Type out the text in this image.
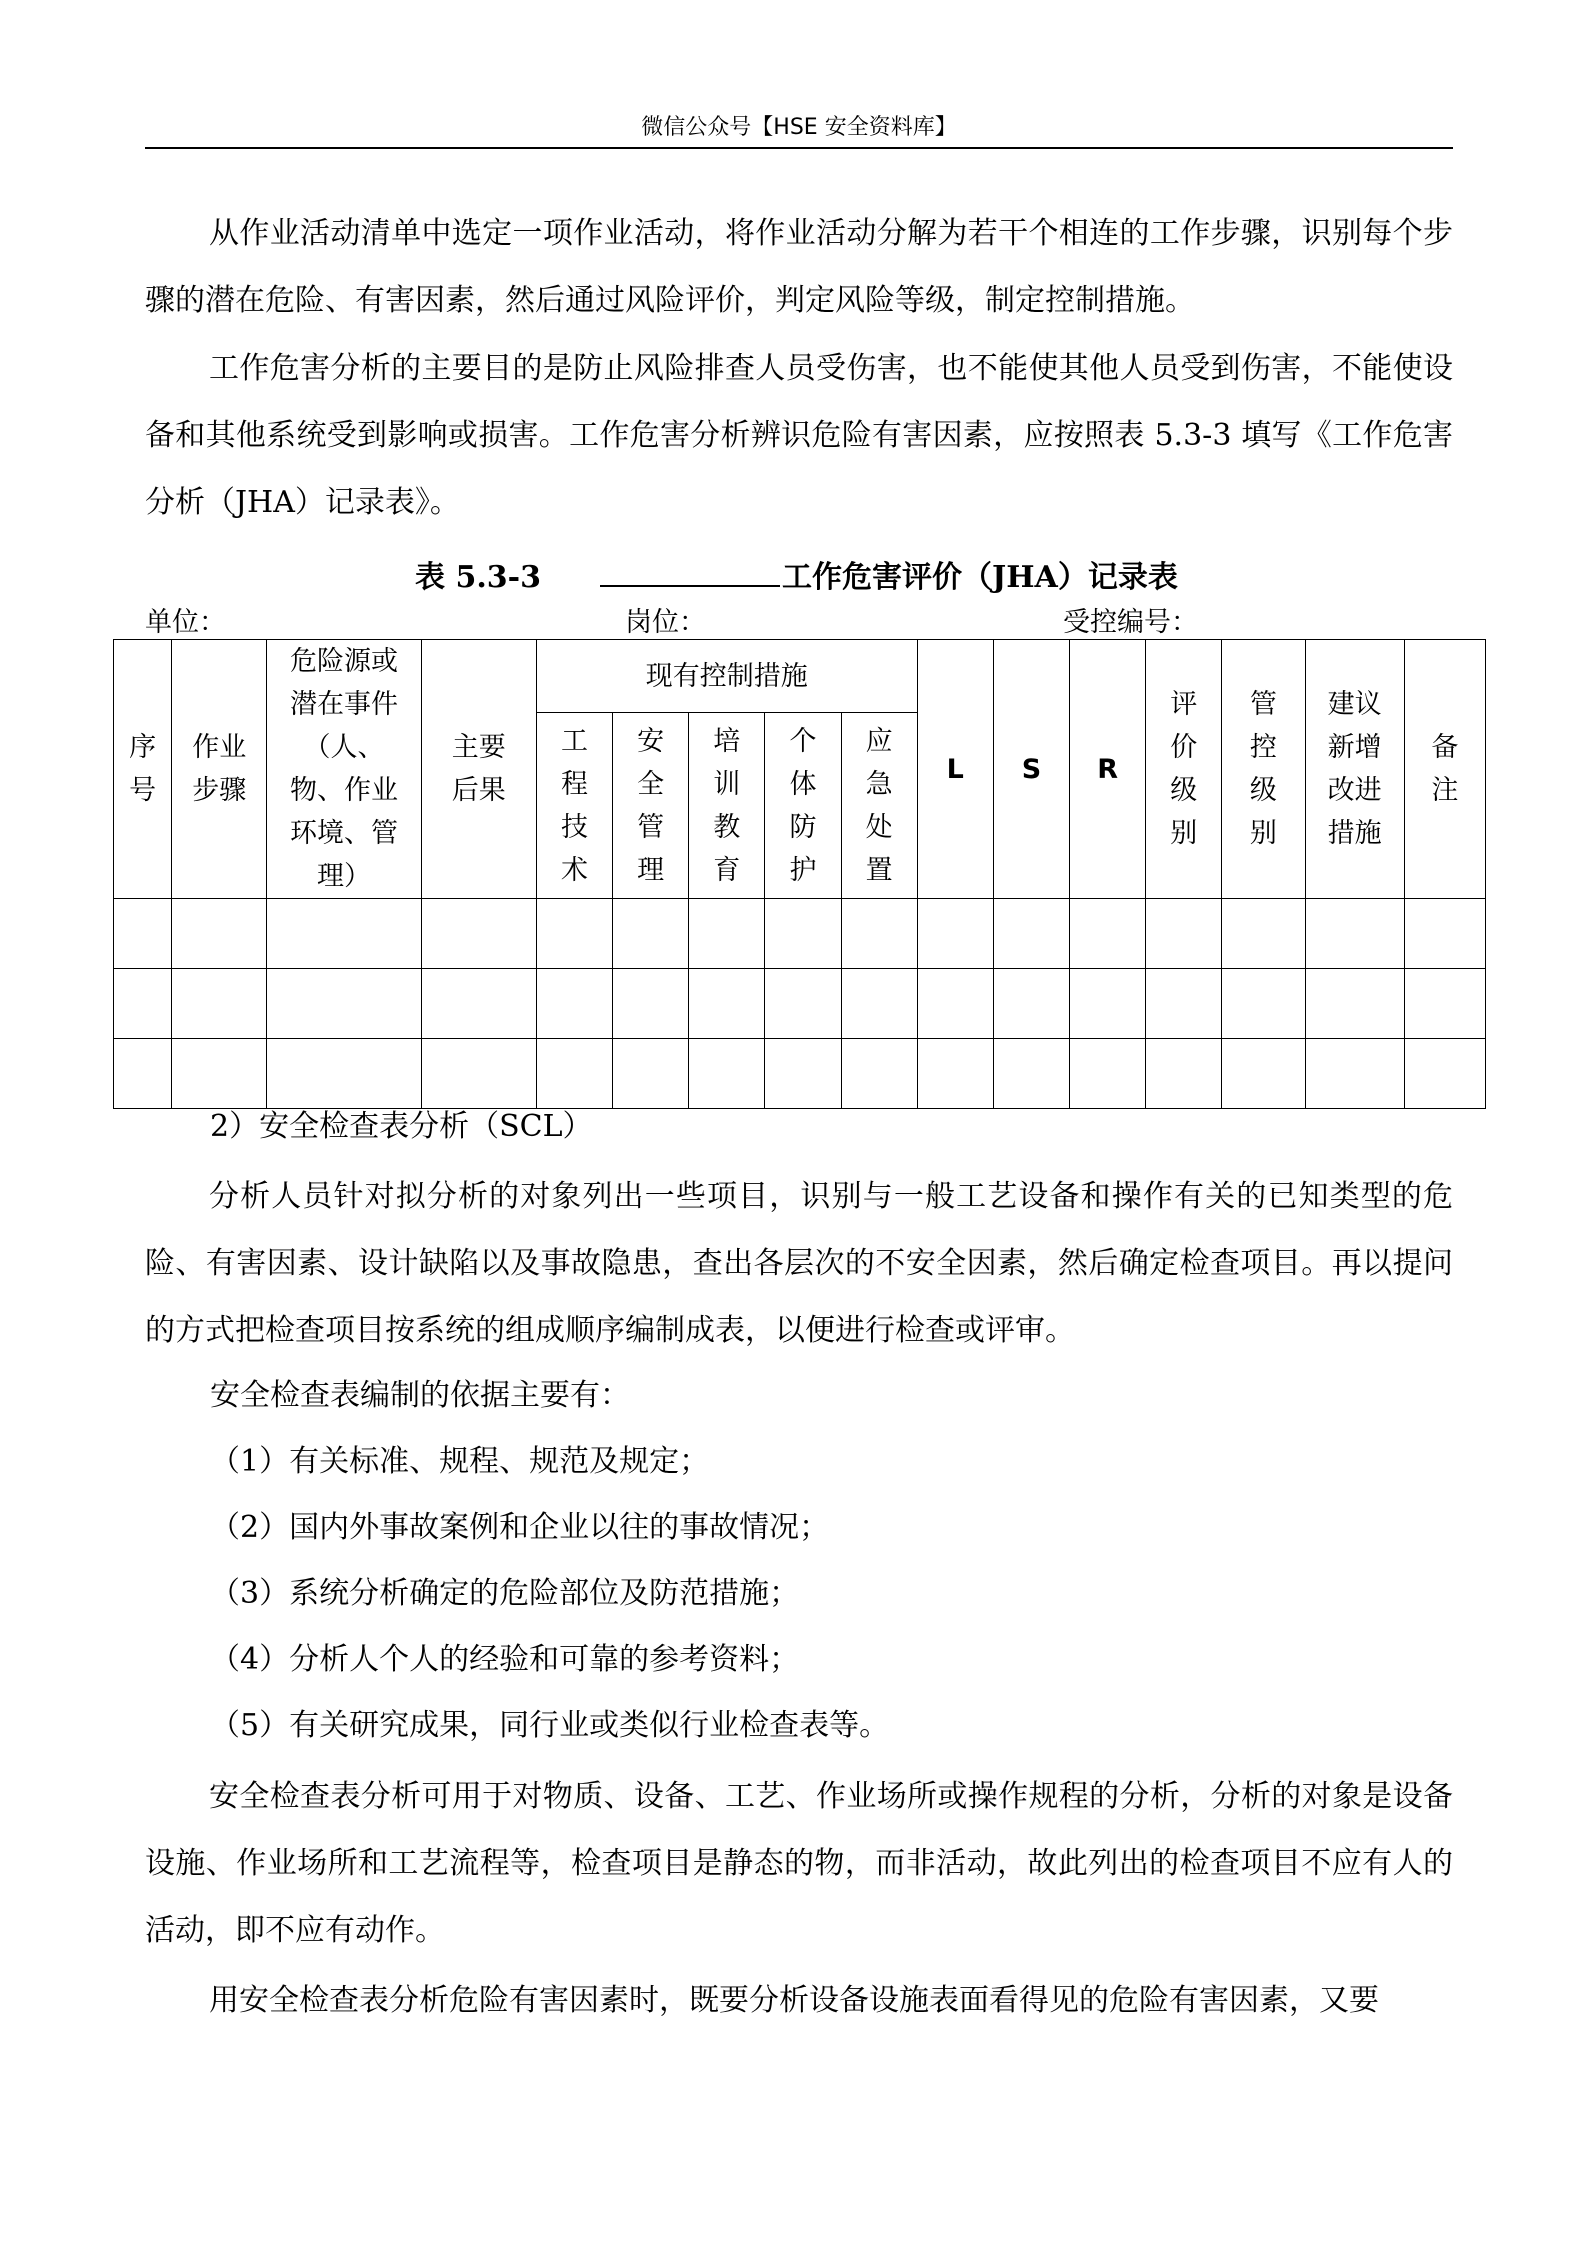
微信公众号【HSE 安全资料库】

从作业活动清单中选定一项作业活动，将作业活动分解为若干个相连的工作步骤，识别每个步骤的潜在危险、有害因素，然后通过风险评价，判定风险等级，制定控制措施。

工作危害分析的主要目的是防止风险排查人员受伤害，也不能使其他人员受到伤害，不能使设备和其他系统受到影响或损害。工作危害分析辨识危险有害因素，应按照表 5.3-3 填写《工作危害分析（JHA）记录表》。

表 5.3-3	工作危害评价（JHA）记录表
单位：	岗位：	受控编号：
序号	作业步骤	危险源或潜在事件（人、物、作业环境、管理）	主要后果	现有控制措施					L	S	R	评价级别	管控级别	建议新增改进措施	备注
				工程技术	安全管理	培训教育	个体防护	应急处置							

2）安全检查表分析（SCL）

分析人员针对拟分析的对象列出一些项目，识别与一般工艺设备和操作有关的已知类型的危险、有害因素、设计缺陷以及事故隐患，查出各层次的不安全因素，然后确定检查项目。再以提问的方式把检查项目按系统的组成顺序编制成表，以便进行检查或评审。

安全检查表编制的依据主要有：
（1）有关标准、规程、规范及规定；
（2）国内外事故案例和企业以往的事故情况；
（3）系统分析确定的危险部位及防范措施；
（4）分析人个人的经验和可靠的参考资料；
（5）有关研究成果，同行业或类似行业检查表等。

安全检查表分析可用于对物质、设备、工艺、作业场所或操作规程的分析，分析的对象是设备设施、作业场所和工艺流程等，检查项目是静态的物，而非活动，故此列出的检查项目不应有人的活动，即不应有动作。

用安全检查表分析危险有害因素时，既要分析设备设施表面看得见的危险有害因素，又要
